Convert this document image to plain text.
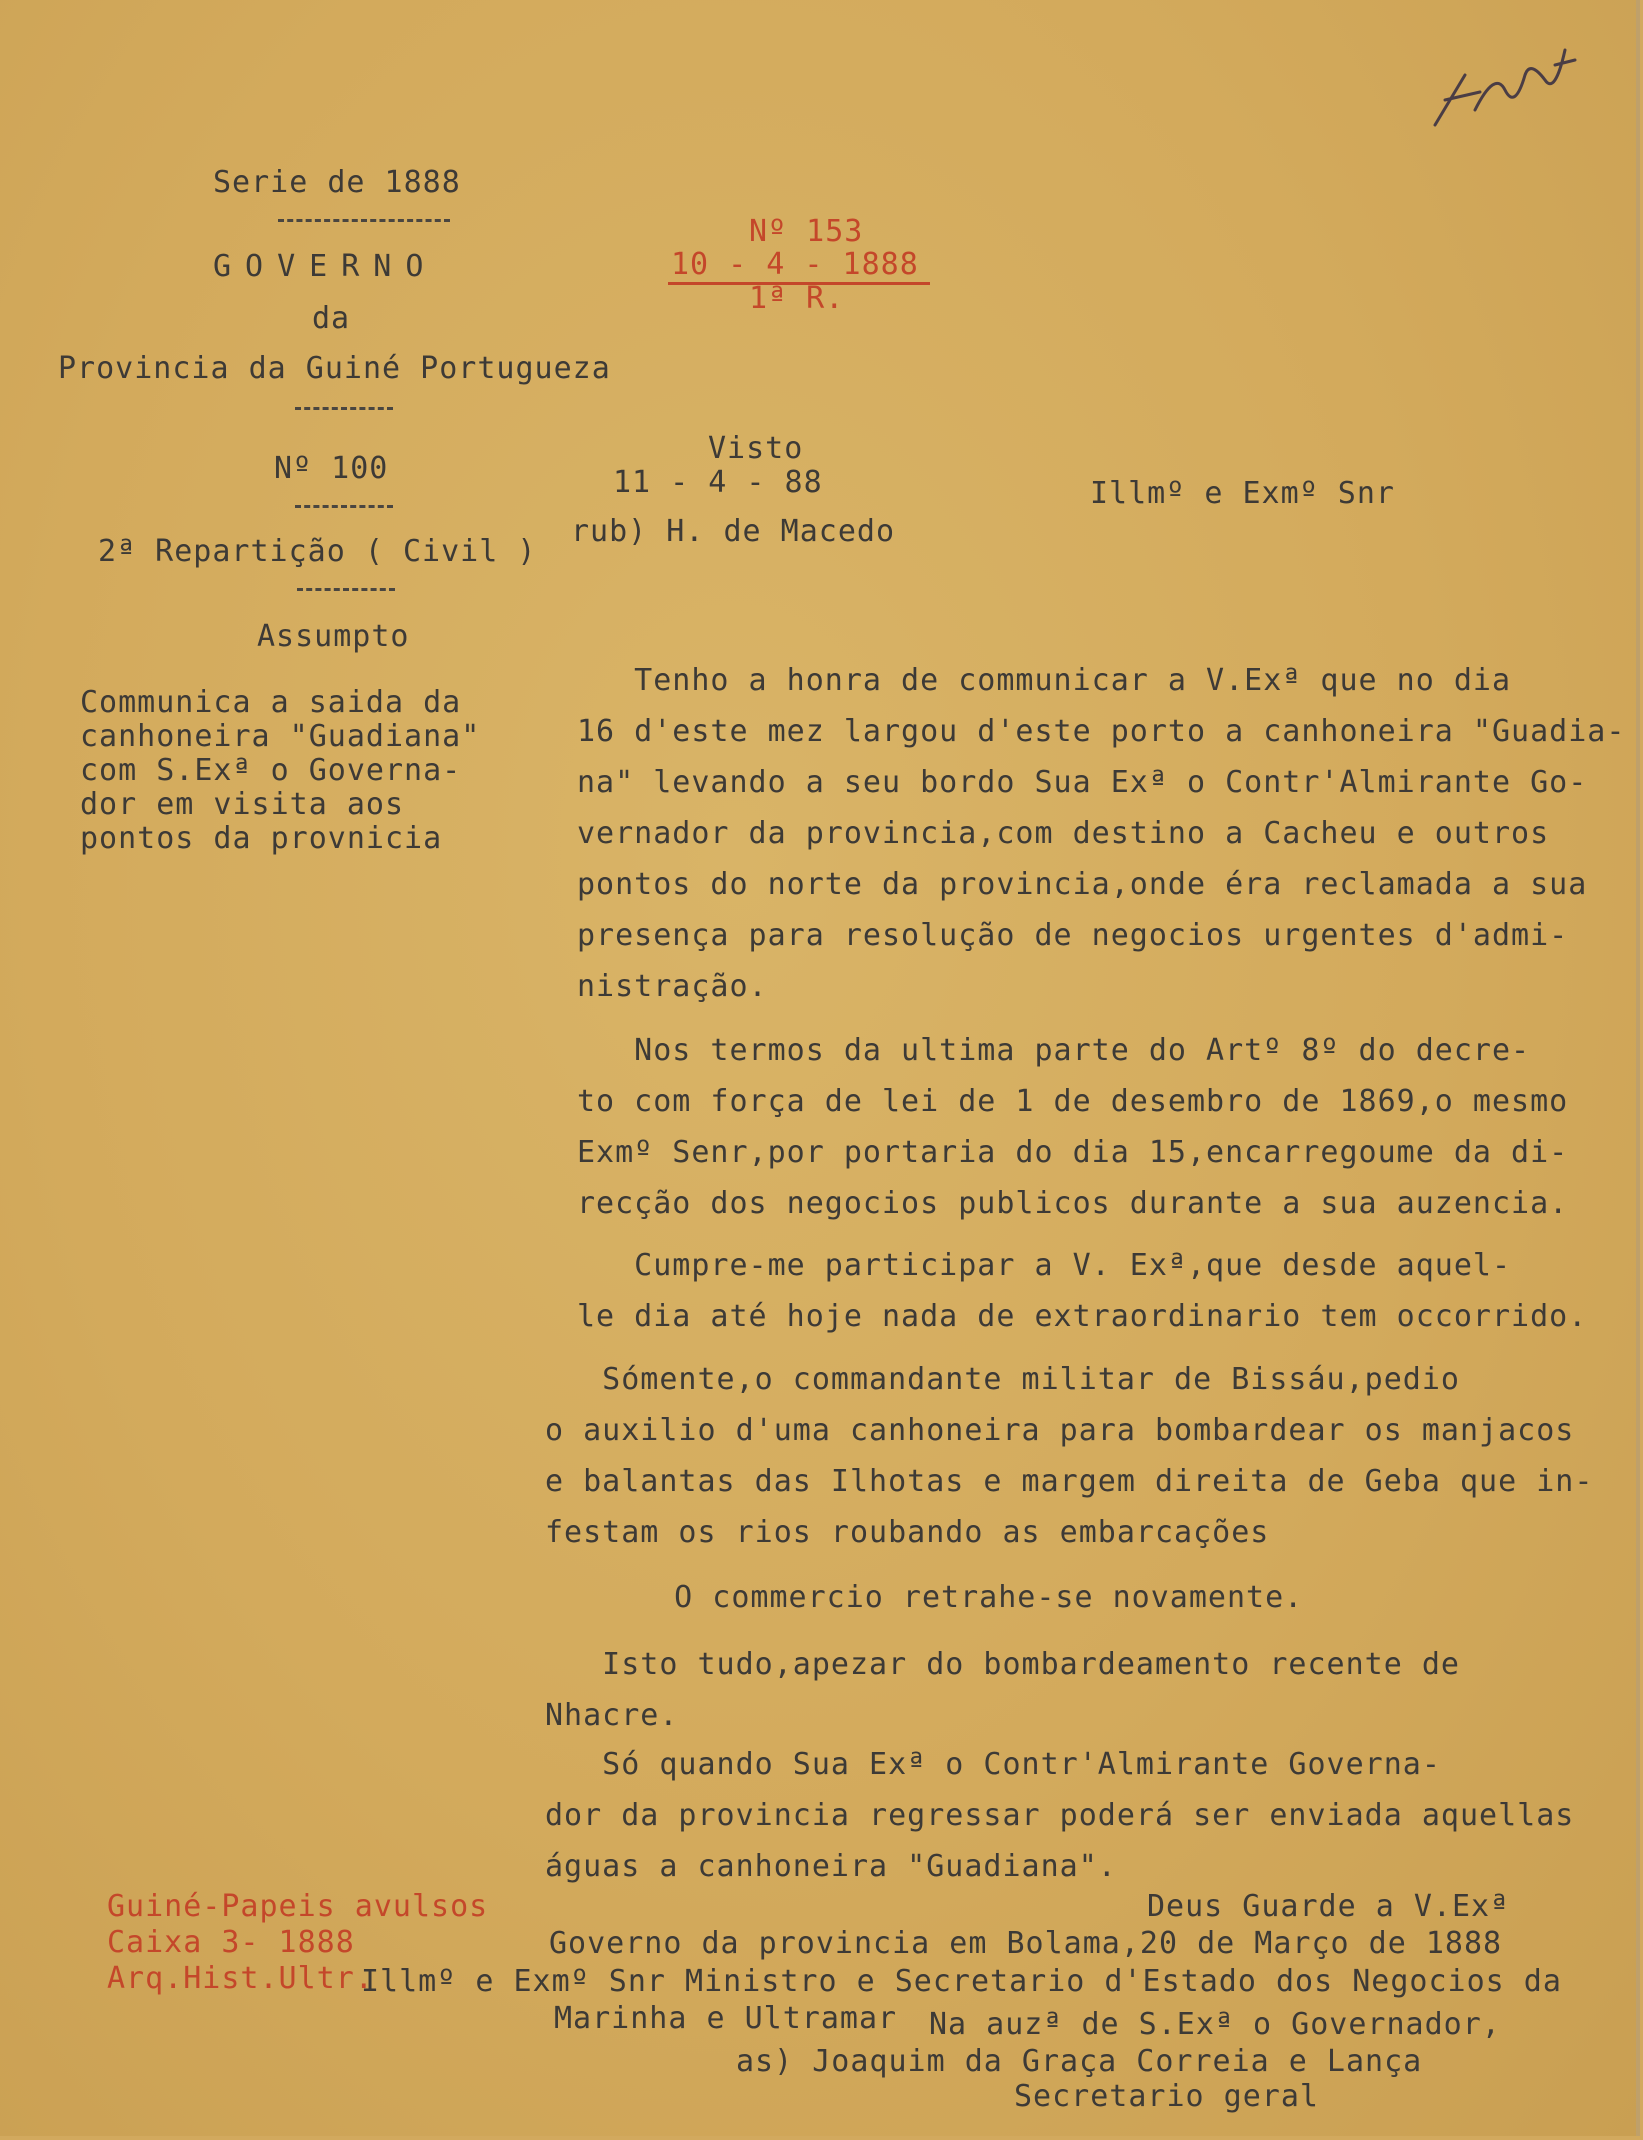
Serie de 1888
GOVERNO
da
Provincia da Guiné Portugueza
Nº 100
2ª Repartição ( Civil )
Nº 153
10 - 4 - 1888
1ª R.
Visto
11 - 4 - 88
rub) H. de Macedo
Illmº e Exmº Snr
Assumpto

Communica a saida da

canhoneira "Guadiana"

com S.Exª o Governa-

dor em visita aos

pontos da provnicia

Tenho a honra de communicar a V.Exª que no dia

16 d'este mez largou d'este porto a canhoneira "Guadia-

na" levando a seu bordo Sua Exª o Contr'Almirante Go-

vernador da provincia,com destino a Cacheu e outros

pontos do norte da provincia,onde éra reclamada a sua

presença para resolução de negocios urgentes d'admi-

nistração.

Nos termos da ultima parte do Artº 8º do decre-

to com força de lei de 1 de desembro de 1869,o mesmo

Exmº Senr,por portaria do dia 15,encarregoume da di-

recção dos negocios publicos durante a sua auzencia.

Cumpre-me participar a V. Exª,que desde aquel-

le dia até hoje nada de extraordinario tem occorrido.

Sómente,o commandante militar de Bissáu,pedio

o auxilio d'uma canhoneira para bombardear os manjacos

e balantas das Ilhotas e margem direita de Geba que in-

festam os rios roubando as embarcações

O commercio retrahe-se novamente.

Isto tudo,apezar do bombardeamento recente de

Nhacre.

Só quando Sua Exª o Contr'Almirante Governa-

dor da provincia regressar poderá ser enviada aquellas

águas a canhoneira "Guadiana".

Deus Guarde a V.Exª
Governo da provincia em Bolama,20 de Março de 1888
Illmº e Exmº Snr Ministro e Secretario d'Estado dos Negocios da
Marinha e Ultramar Na auzª de S.Exª o Governador,
as) Joaquim da Graça Correia e Lança
Secretario geral
Guiné-Papeis avulsos
Caixa 3- 1888
Arq.Hist.Ultr.
